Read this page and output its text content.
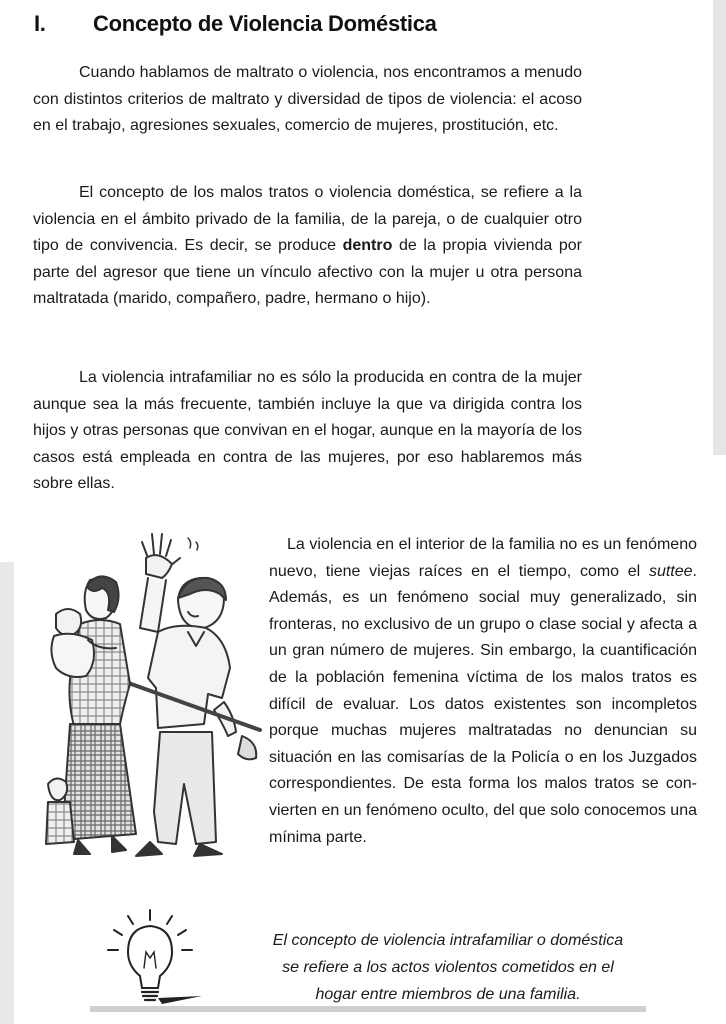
I. Concepto de Violencia Doméstica

Cuando hablamos de maltrato o violencia, nos encontramos a menudo con distintos criterios de maltrato y diversidad de tipos de violencia: el acoso en el trabajo, agresiones sexuales, comercio de mujeres, prostitución, etc.

El concepto de los malos tratos o violencia doméstica, se refiere a la violencia en el ámbito privado de la familia, de la pareja, o de cualquier otro tipo de convivencia. Es decir, se produce dentro de la propia vivienda por parte del agresor que tiene un vínculo afectivo con la mujer u otra persona maltratada (marido, compañero, padre, hermano o hijo).

La violencia intrafamiliar no es sólo la producida en contra de la mujer aunque sea la más frecuente, también incluye la que va dirigida contra los hijos y otras personas que convivan en el hogar, aunque en la mayoría de los casos está empleada en contra de las mujeres, por eso hablaremos más sobre ellas.

La violencia en el interior de la familia no es un fenómeno nuevo, tiene viejas raíces en el tiempo, como el suttee. Además, es un fenómeno social muy generalizado, sin fronteras, no exclusivo de un grupo o clase social y afecta a un gran número de mujeres. Sin embargo, la cuantificación de la población femenina víctima de los malos tratos es difícil de evaluar. Los datos existentes son incompletos porque muchas mujeres maltratadas no denuncian su situación en las comisarías de la Policía o en los Juzgados correspondientes. De esta forma los malos tratos se convierten en un fenómeno oculto, del que solo conocemos una mínima parte.

El concepto de violencia intrafamiliar o doméstica
se refiere a los actos violentos cometidos en el
hogar entre miembros de una familia.
